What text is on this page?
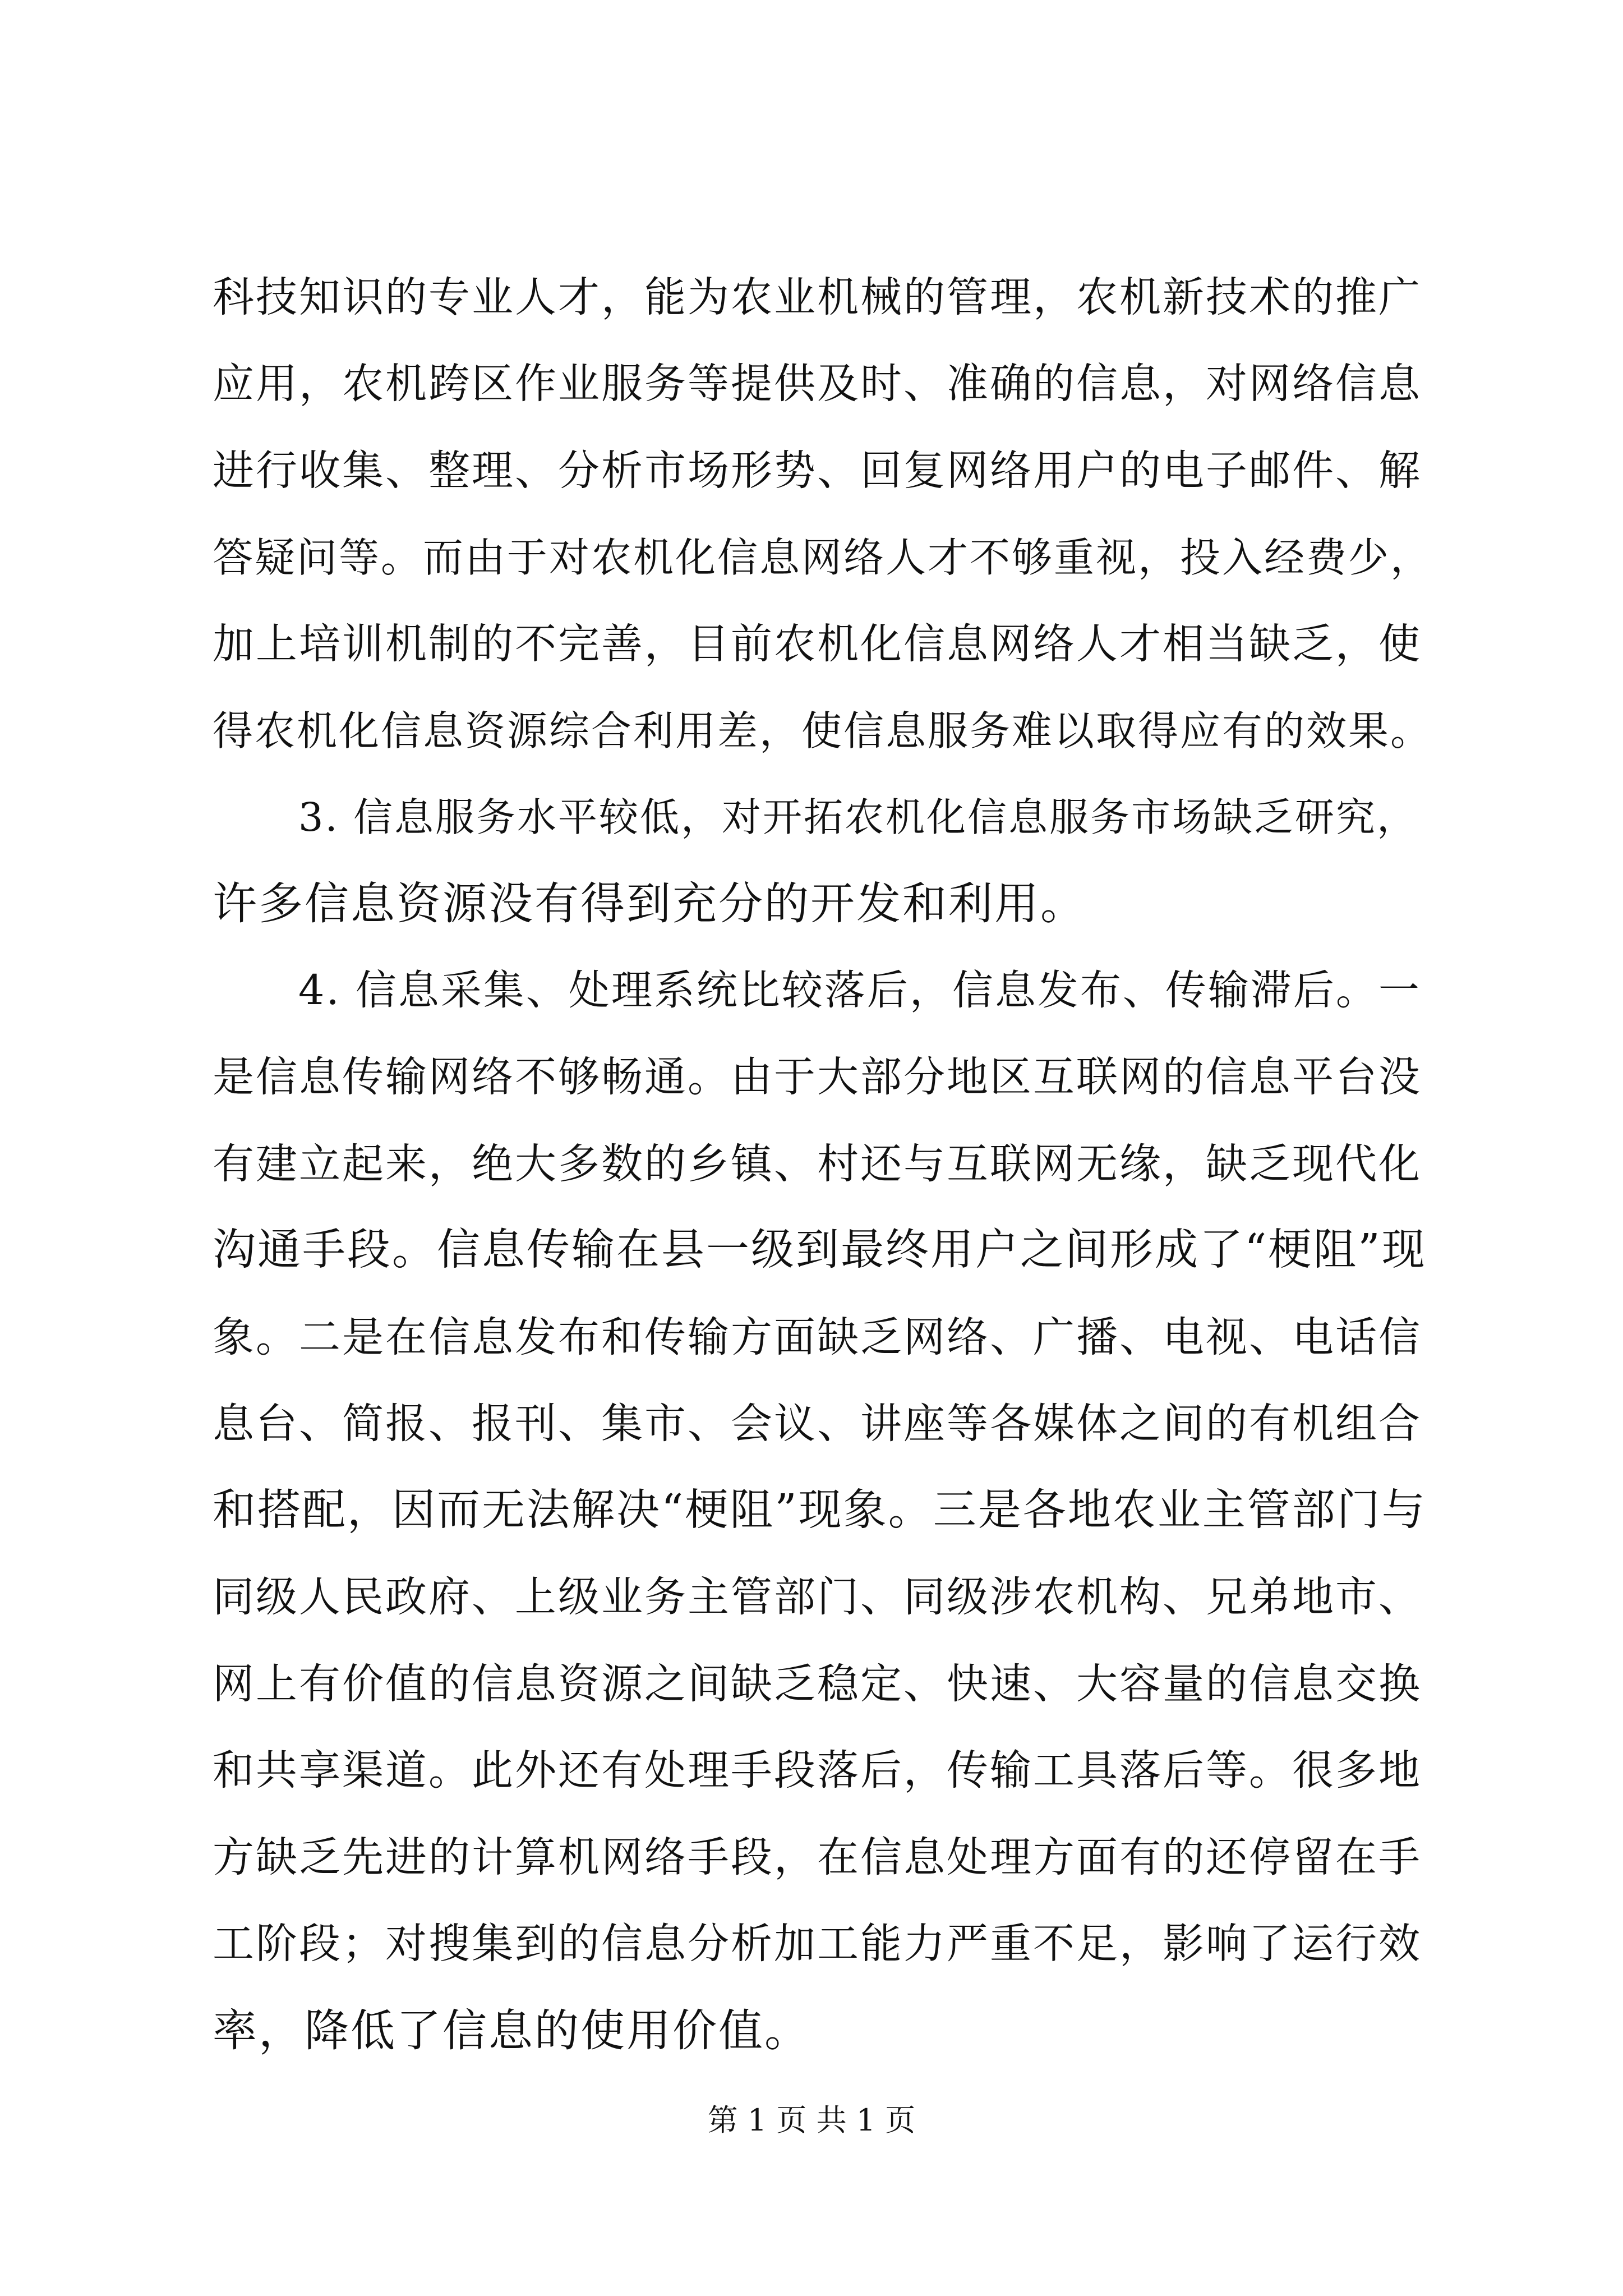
科技知识的专业人才，能为农业机械的管理，农机新技术的推广
应用，农机跨区作业服务等提供及时、准确的信息，对网络信息
进行收集、整理、分析市场形势、回复网络用户的电子邮件、解
答疑问等。而由于对农机化信息网络人才不够重视，投入经费少，
加上培训机制的不完善，目前农机化信息网络人才相当缺乏，使
得农机化信息资源综合利用差，使信息服务难以取得应有的效果。
3. 信息服务水平较低，对开拓农机化信息服务市场缺乏研究，
许多信息资源没有得到充分的开发和利用。
4. 信息采集、处理系统比较落后，信息发布、传输滞后。一
是信息传输网络不够畅通。由于大部分地区互联网的信息平台没
有建立起来，绝大多数的乡镇、村还与互联网无缘，缺乏现代化
沟通手段。信息传输在县一级到最终用户之间形成了“梗阻”现
象。二是在信息发布和传输方面缺乏网络、广播、电视、电话信
息台、简报、报刊、集市、会议、讲座等各媒体之间的有机组合
和搭配，因而无法解决“梗阻”现象。三是各地农业主管部门与
同级人民政府、上级业务主管部门、同级涉农机构、兄弟地市、
网上有价值的信息资源之间缺乏稳定、快速、大容量的信息交换
和共享渠道。此外还有处理手段落后，传输工具落后等。很多地
方缺乏先进的计算机网络手段，在信息处理方面有的还停留在手
工阶段；对搜集到的信息分析加工能力严重不足，影响了运行效
率，降低了信息的使用价值。
第 1 页 共 1 页
